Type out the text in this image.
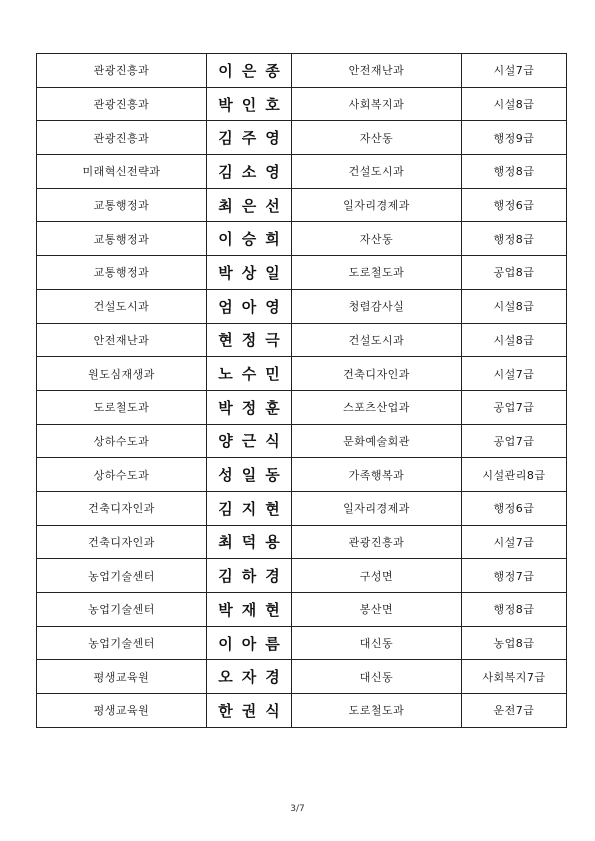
관광진흥과	이은종	안전재난과	시설7급
관광진흥과	박인호	사회복지과	시설8급
관광진흥과	김주영	자산동	행정9급
미래혁신전략과	김소영	건설도시과	행정8급
교통행정과	최은선	일자리경제과	행정6급
교통행정과	이승희	자산동	행정8급
교통행정과	박상일	도로철도과	공업8급
건설도시과	엄아영	청렴감사실	시설8급
안전재난과	현정극	건설도시과	시설8급
원도심재생과	노수민	건축디자인과	시설7급
도로철도과	박정훈	스포츠산업과	공업7급
상하수도과	양근식	문화예술회관	공업7급
상하수도과	성일동	가족행복과	시설관리8급
건축디자인과	김지현	일자리경제과	행정6급
건축디자인과	최덕용	관광진흥과	시설7급
농업기술센터	김하경	구성면	행정7급
농업기술센터	박재현	봉산면	행정8급
농업기술센터	이아름	대신동	농업8급
평생교육원	오자경	대신동	사회복지7급
평생교육원	한권식	도로철도과	운전7급
3/7
